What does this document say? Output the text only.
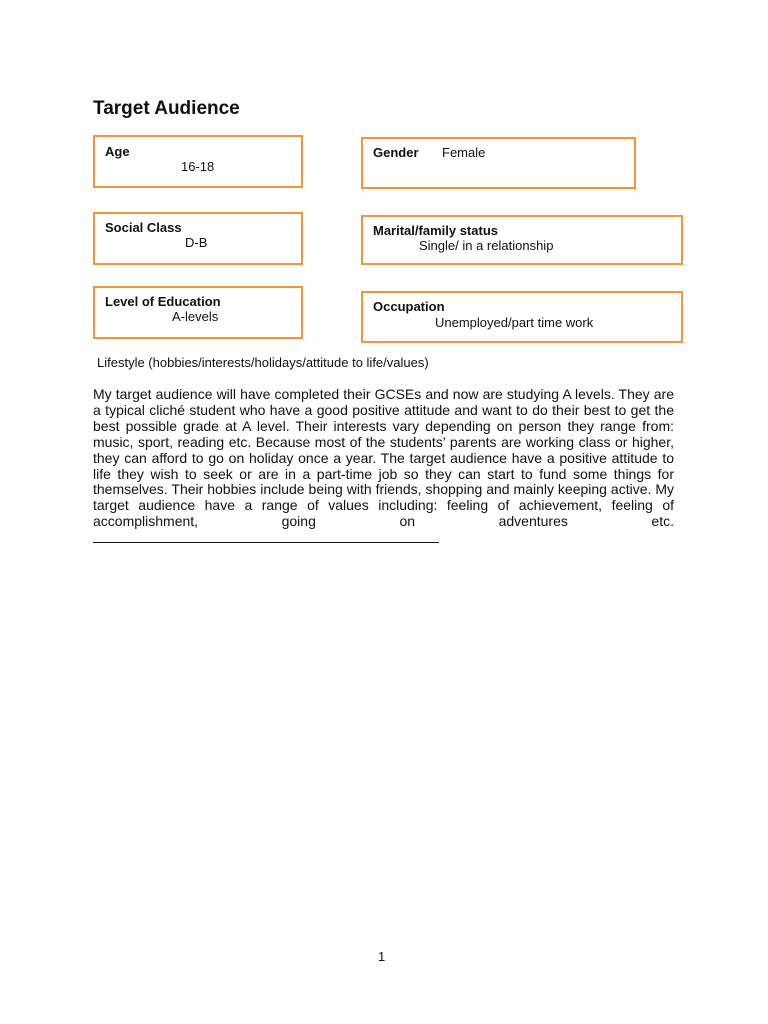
Target Audience
Age
16-18
Gender Female
Social Class
D-B
Marital/family status
Single/ in a relationship
Level of Education
A-levels
Occupation
Unemployed/part time work
Lifestyle (hobbies/interests/holidays/attitude to life/values)

My target audience will have completed their GCSEs and now are studying A levels. They are a typical cliché student who have a good positive attitude and want to do their best to get the best possible grade at A level. Their interests vary depending on person they range from: music, sport, reading etc. Because most of the students’ parents are working class or higher, they can afford to go on holiday once a year. The target audience have a positive attitude to life they wish to seek or are in a part-time job so they can start to fund some things for themselves. Their hobbies include being with friends, shopping and mainly keeping active. My target audience have a range of values including: feeling of achievement, feeling of accomplishment, going on adventures etc.

1
